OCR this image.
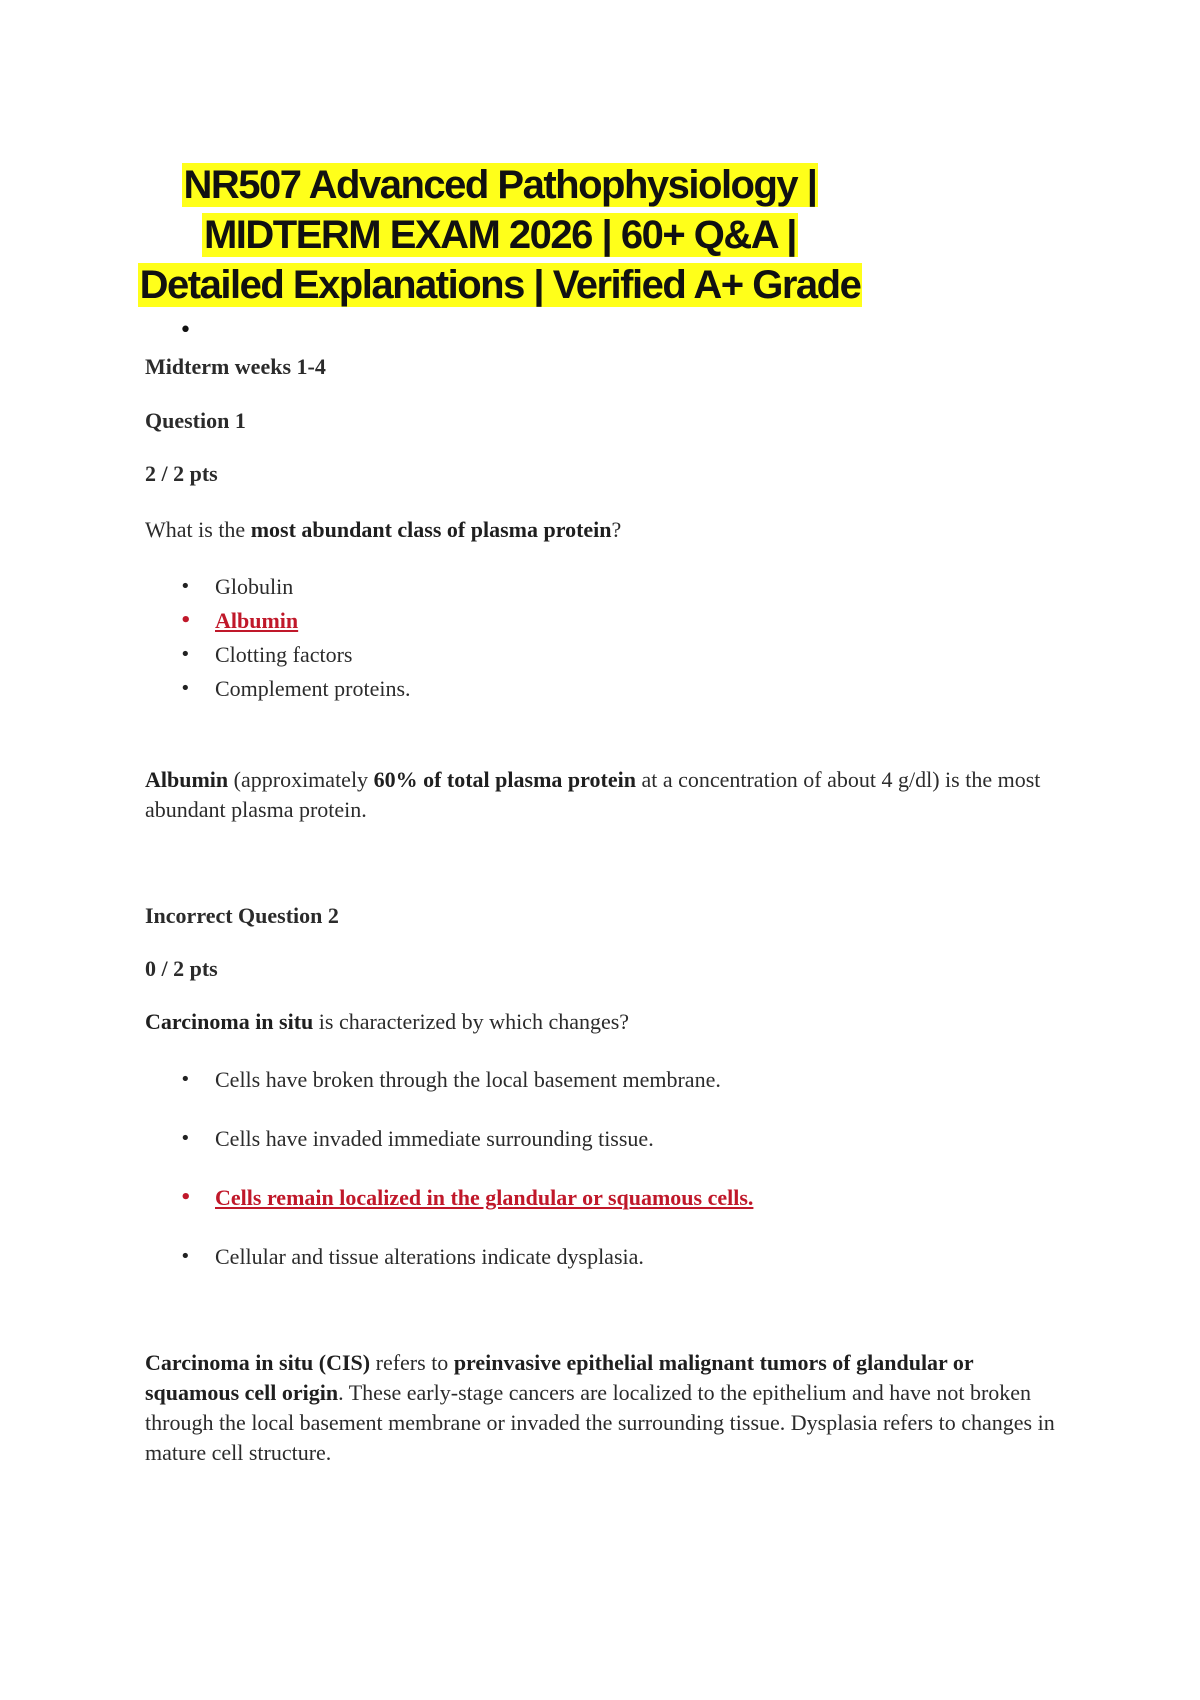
NR507 Advanced Pathophysiology |
MIDTERM EXAM 2026 | 60+ Q&A |
Detailed Explanations | Verified A+ Grade
•
Midterm weeks 1-4
Question 1
2 / 2 pts
What is the most abundant class of plasma protein?
• Globulin
• Albumin
• Clotting factors
• Complement proteins.
Albumin (approximately 60% of total plasma protein at a concentration of about 4 g/dl) is the most abundant plasma protein.
Incorrect Question 2
0 / 2 pts
Carcinoma in situ is characterized by which changes?
• Cells have broken through the local basement membrane.
• Cells have invaded immediate surrounding tissue.
• Cells remain localized in the glandular or squamous cells.
• Cellular and tissue alterations indicate dysplasia.
Carcinoma in situ (CIS) refers to preinvasive epithelial malignant tumors of glandular or squamous cell origin. These early-stage cancers are localized to the epithelium and have not broken through the local basement membrane or invaded the surrounding tissue. Dysplasia refers to changes in mature cell structure.
